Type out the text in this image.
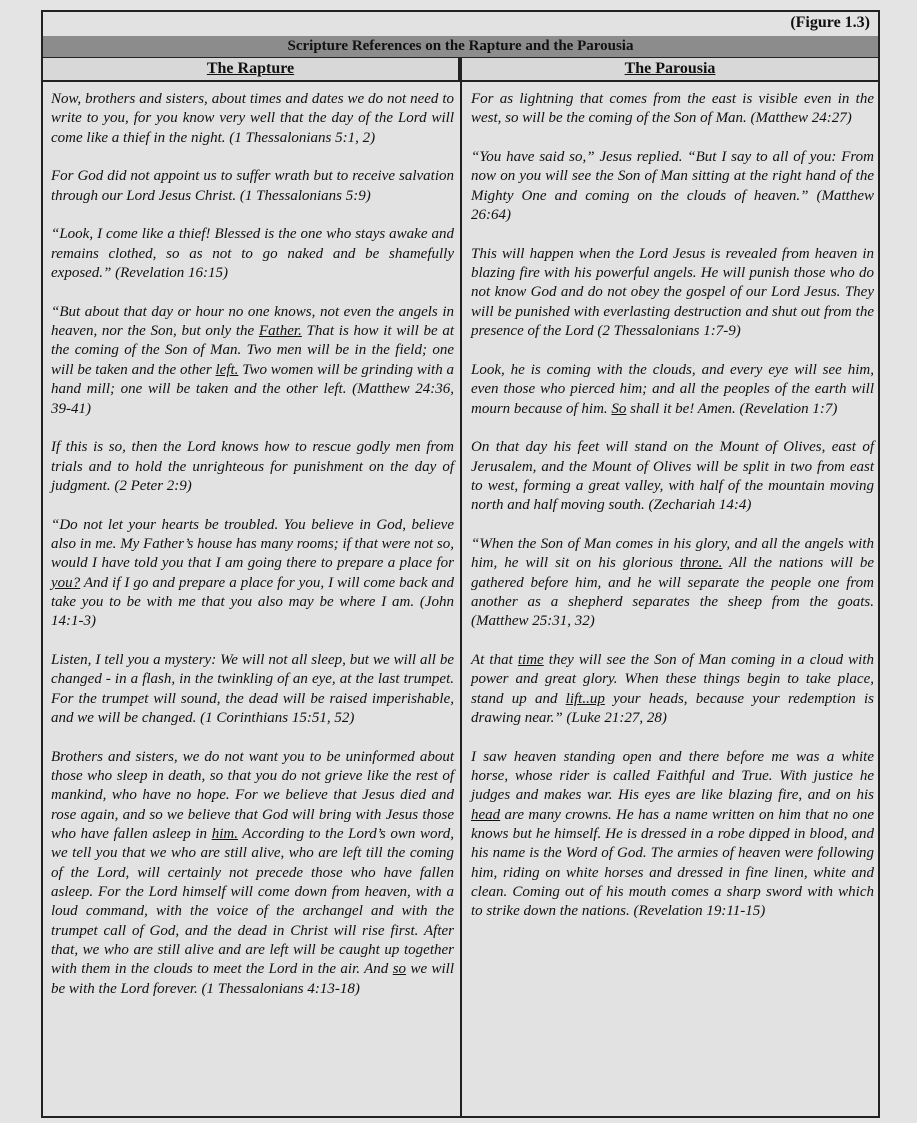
(Figure 1.3)
Scripture References on the Rapture and the Parousia
The Rapture	The Parousia

Now, brothers and sisters, about times and dates we do not need to write to you, for you know very well that the day of the Lord will come like a thief in the night. (1 Thessalonians 5:1, 2)

For God did not appoint us to suffer wrath but to receive salvation through our Lord Jesus Christ. (1 Thessalonians 5:9)

“Look, I come like a thief! Blessed is the one who stays awake and remains clothed, so as not to go naked and be shamefully exposed.” (Revelation 16:15)

“But about that day or hour no one knows, not even the angels in heaven, nor the Son, but only the Father. That is how it will be at the coming of the Son of Man. Two men will be in the field; one will be taken and the other left. Two women will be grinding with a hand mill; one will be taken and the other left. (Matthew 24:36, 39-41)

If this is so, then the Lord knows how to rescue godly men from trials and to hold the unrighteous for punishment on the day of judgment. (2 Peter 2:9)

“Do not let your hearts be troubled. You believe in God, believe also in me. My Father’s house has many rooms; if that were not so, would I have told you that I am going there to prepare a place for you? And if I go and prepare a place for you, I will come back and take you to be with me that you also may be where I am. (John 14:1-3)

Listen, I tell you a mystery: We will not all sleep, but we will all be changed - in a flash, in the twinkling of an eye, at the last trumpet. For the trumpet will sound, the dead will be raised imperishable, and we will be changed. (1 Corinthians 15:51, 52)

Brothers and sisters, we do not want you to be uninformed about those who sleep in death, so that you do not grieve like the rest of mankind, who have no hope. For we believe that Jesus died and rose again, and so we believe that God will bring with Jesus those who have fallen asleep in him. According to the Lord’s own word, we tell you that we who are still alive, who are left till the coming of the Lord, will certainly not precede those who have fallen asleep. For the Lord himself will come down from heaven, with a loud command, with the voice of the archangel and with the trumpet call of God, and the dead in Christ will rise first. After that, we who are still alive and are left will be caught up together with them in the clouds to meet the Lord in the air. And so we will be with the Lord forever. (1 Thessalonians 4:13-18)

For as lightning that comes from the east is visible even in the west, so will be the coming of the Son of Man. (Matthew 24:27)

“You have said so,” Jesus replied. “But I say to all of you: From now on you will see the Son of Man sitting at the right hand of the Mighty One and coming on the clouds of heaven.” (Matthew 26:64)

This will happen when the Lord Jesus is revealed from heaven in blazing fire with his powerful angels. He will punish those who do not know God and do not obey the gospel of our Lord Jesus. They will be punished with everlasting destruction and shut out from the presence of the Lord (2 Thessalonians 1:7-9)

Look, he is coming with the clouds, and every eye will see him, even those who pierced him; and all the peoples of the earth will mourn because of him. So shall it be! Amen. (Revelation 1:7)

On that day his feet will stand on the Mount of Olives, east of Jerusalem, and the Mount of Olives will be split in two from east to west, forming a great valley, with half of the mountain moving north and half moving south. (Zechariah 14:4)

“When the Son of Man comes in his glory, and all the angels with him, he will sit on his glorious throne. All the nations will be gathered before him, and he will separate the people one from another as a shepherd separates the sheep from the goats. (Matthew 25:31, 32)

At that time they will see the Son of Man coming in a cloud with power and great glory. When these things begin to take place, stand up and lift..up your heads, because your redemption is drawing near.” (Luke 21:27, 28)

I saw heaven standing open and there before me was a white horse, whose rider is called Faithful and True. With justice he judges and makes war. His eyes are like blazing fire, and on his head are many crowns. He has a name written on him that no one knows but he himself. He is dressed in a robe dipped in blood, and his name is the Word of God. The armies of heaven were following him, riding on white horses and dressed in fine linen, white and clean. Coming out of his mouth comes a sharp sword with which to strike down the nations. (Revelation 19:11-15)
